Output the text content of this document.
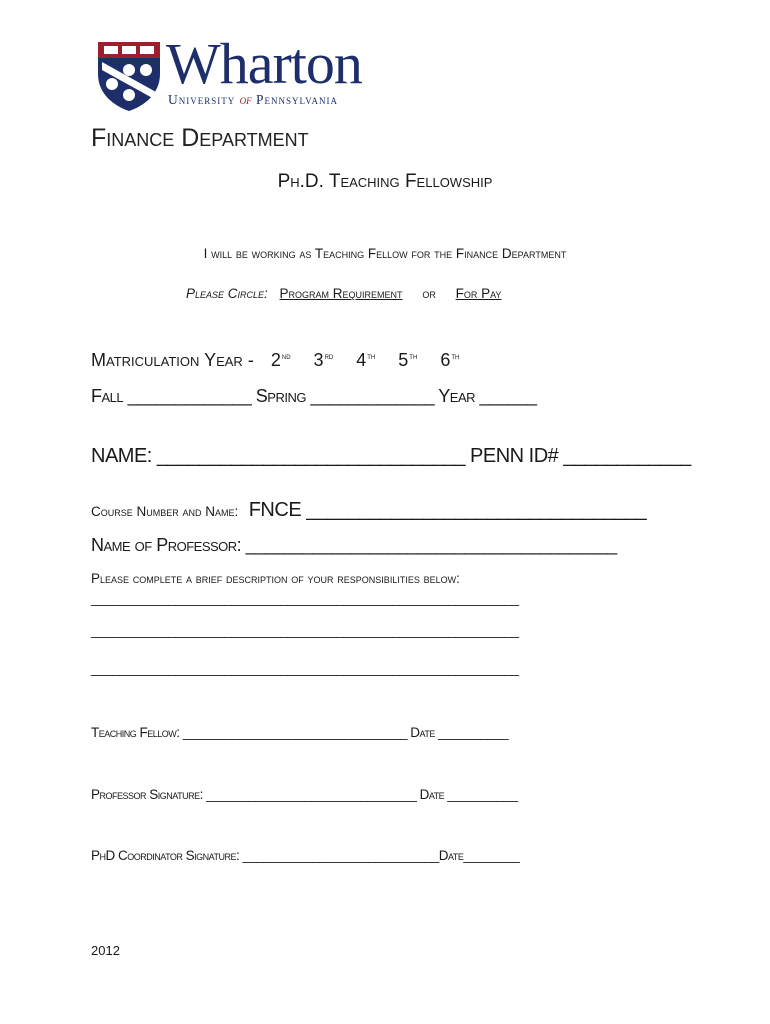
Wharton
University of Pennsylvania
Finance Department
Ph.D. Teaching Fellowship
I will be working as Teaching Fellow for the Finance Department
Please Circle: Program Requirement or For Pay
Matriculation Year - 2nd 3rd 4th 5th 6th
Fall _____________ Spring _____________ Year ______
NAME: _____________________________ PENN ID# ____________
Course Number and Name: FNCE ________________________________
Name of Professor: _______________________________________
Please complete a brief description of your responsibilities below:
_____________________________________________________________
_____________________________________________________________
_____________________________________________________________
Teaching Fellow: ________________________________ Date __________
Professor Signature: ______________________________ Date __________
PhD Coordinator Signature: ____________________________Date________
2012
